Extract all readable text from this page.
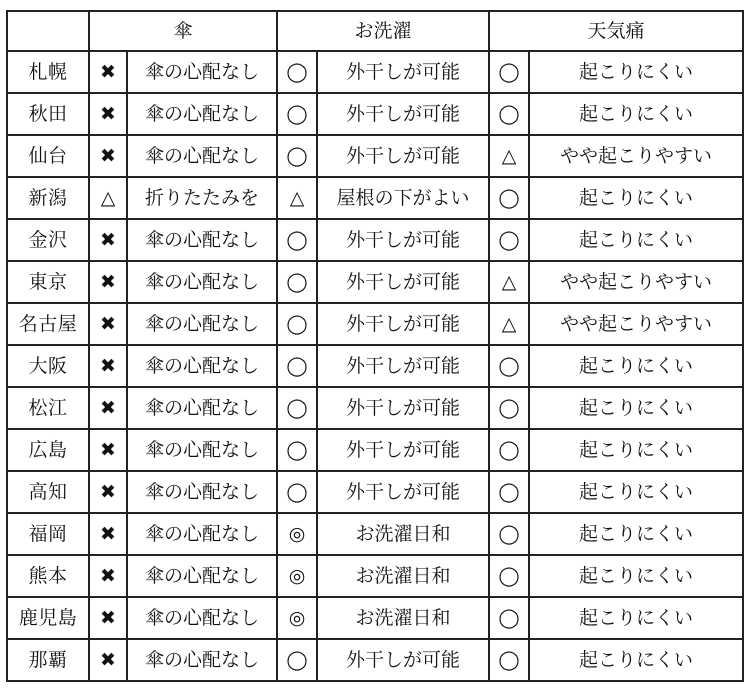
	傘		お洗濯		天気痛	
札幌	✖	傘の心配なし	◯	外干しが可能	◯	起こりにくい
秋田	✖	傘の心配なし	◯	外干しが可能	◯	起こりにくい
仙台	✖	傘の心配なし	◯	外干しが可能	△	やや起こりやすい
新潟	△	折りたたみを	△	屋根の下がよい	◯	起こりにくい
金沢	✖	傘の心配なし	◯	外干しが可能	◯	起こりにくい
東京	✖	傘の心配なし	◯	外干しが可能	△	やや起こりやすい
名古屋	✖	傘の心配なし	◯	外干しが可能	△	やや起こりやすい
大阪	✖	傘の心配なし	◯	外干しが可能	◯	起こりにくい
松江	✖	傘の心配なし	◯	外干しが可能	◯	起こりにくい
広島	✖	傘の心配なし	◯	外干しが可能	◯	起こりにくい
高知	✖	傘の心配なし	◯	外干しが可能	◯	起こりにくい
福岡	✖	傘の心配なし	◎	お洗濯日和	◯	起こりにくい
熊本	✖	傘の心配なし	◎	お洗濯日和	◯	起こりにくい
鹿児島	✖	傘の心配なし	◎	お洗濯日和	◯	起こりにくい
那覇	✖	傘の心配なし	◯	外干しが可能	◯	起こりにくい
